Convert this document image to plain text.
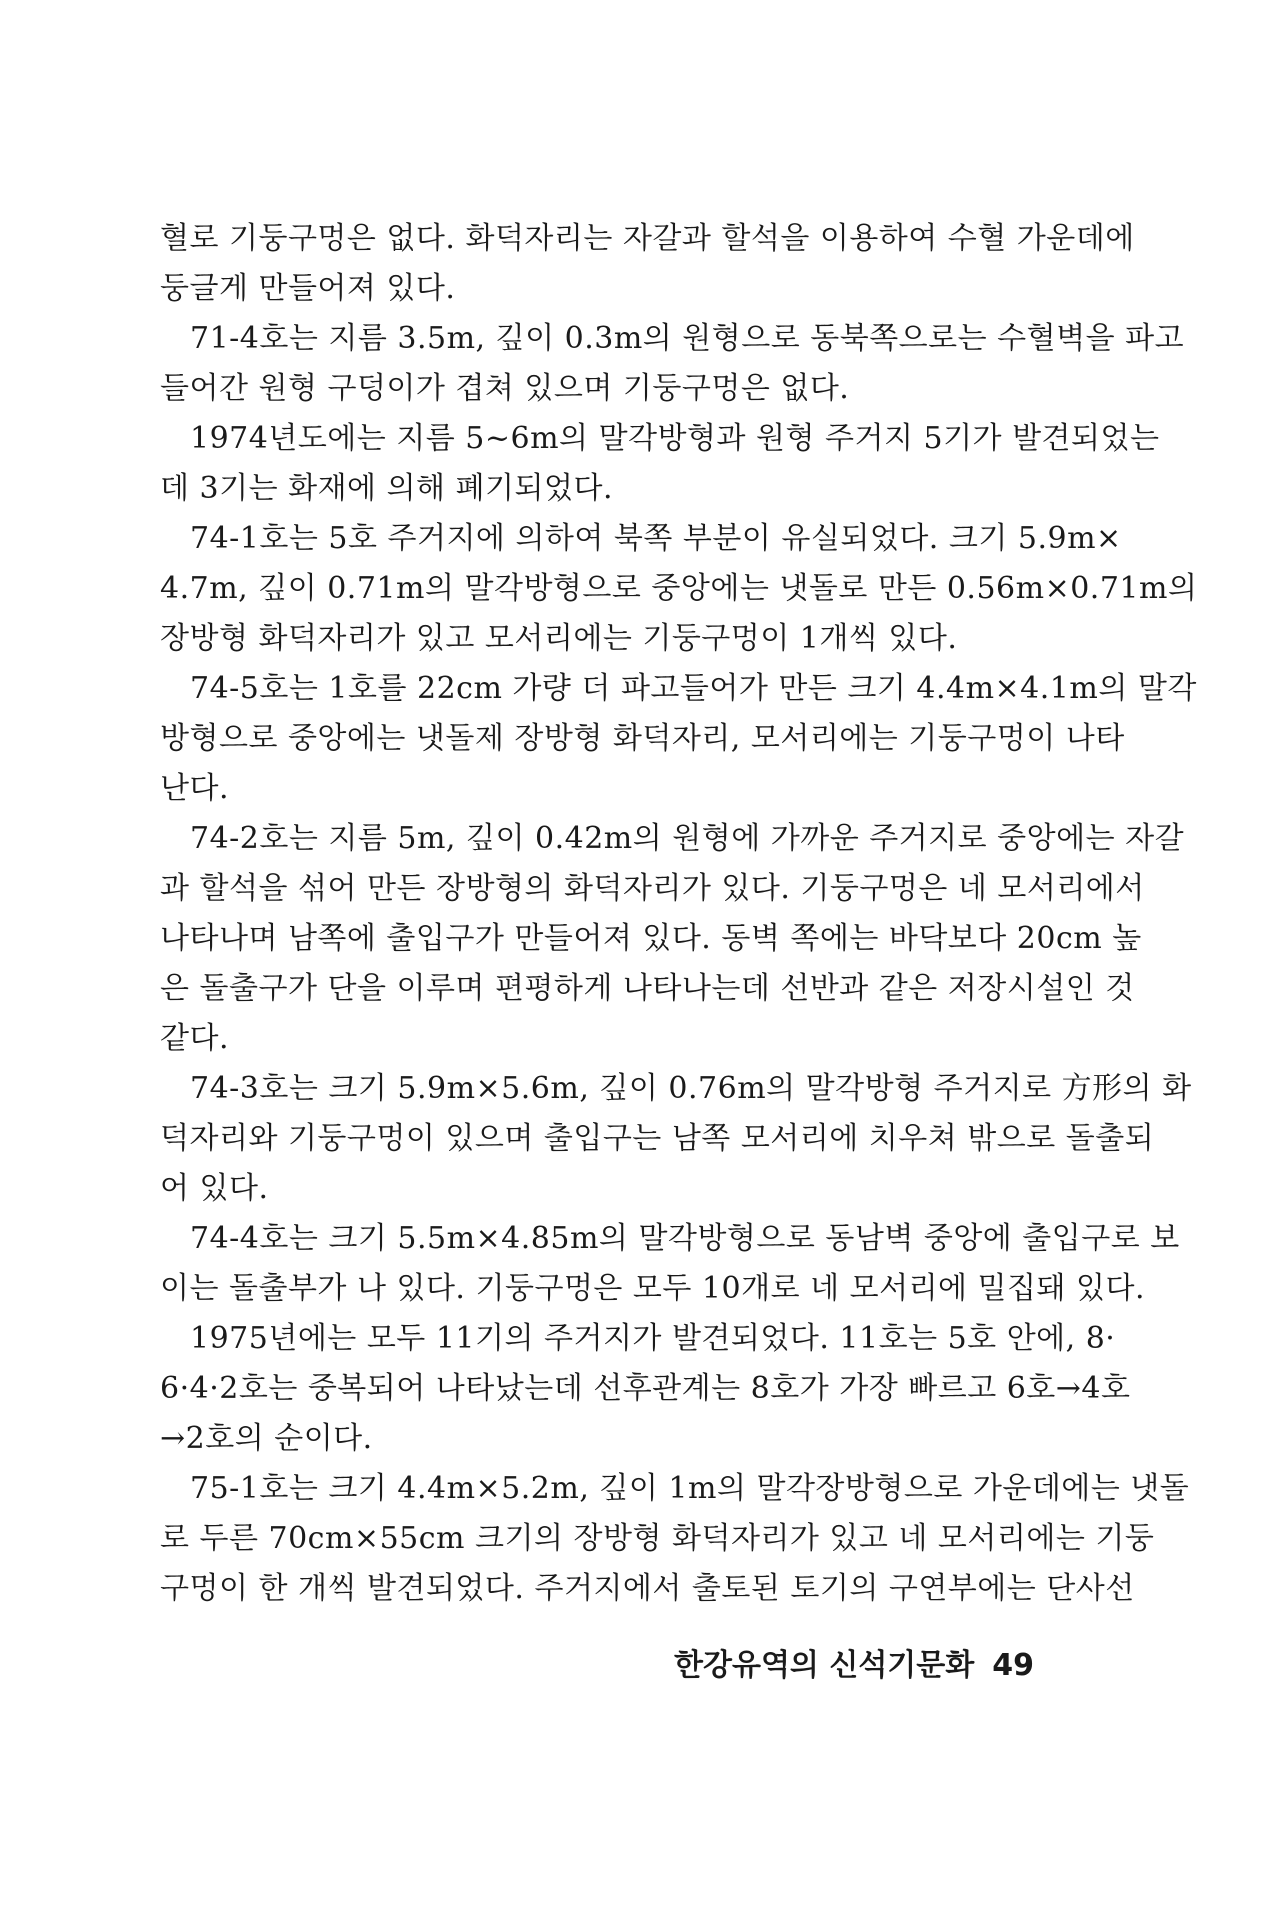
혈로 기둥구멍은 없다. 화덕자리는 자갈과 할석을 이용하여 수혈 가운데에
둥글게 만들어져 있다.
71-4호는 지름 3.5m, 깊이 0.3m의 원형으로 동북쪽으로는 수혈벽을 파고
들어간 원형 구덩이가 겹쳐 있으며 기둥구멍은 없다.
1974년도에는 지름 5~6m의 말각방형과 원형 주거지 5기가 발견되었는
데 3기는 화재에 의해 폐기되었다.
74-1호는 5호 주거지에 의하여 북쪽 부분이 유실되었다. 크기 5.9m×
4.7m, 깊이 0.71m의 말각방형으로 중앙에는 냇돌로 만든 0.56m×0.71m의
장방형 화덕자리가 있고 모서리에는 기둥구멍이 1개씩 있다.
74-5호는 1호를 22cm 가량 더 파고들어가 만든 크기 4.4m×4.1m의 말각
방형으로 중앙에는 냇돌제 장방형 화덕자리, 모서리에는 기둥구멍이 나타
난다.
74-2호는 지름 5m, 깊이 0.42m의 원형에 가까운 주거지로 중앙에는 자갈
과 할석을 섞어 만든 장방형의 화덕자리가 있다. 기둥구멍은 네 모서리에서
나타나며 남쪽에 출입구가 만들어져 있다. 동벽 쪽에는 바닥보다 20cm 높
은 돌출구가 단을 이루며 편평하게 나타나는데 선반과 같은 저장시설인 것
같다.
74-3호는 크기 5.9m×5.6m, 깊이 0.76m의 말각방형 주거지로 方形의 화
덕자리와 기둥구멍이 있으며 출입구는 남쪽 모서리에 치우쳐 밖으로 돌출되
어 있다.
74-4호는 크기 5.5m×4.85m의 말각방형으로 동남벽 중앙에 출입구로 보
이는 돌출부가 나 있다. 기둥구멍은 모두 10개로 네 모서리에 밀집돼 있다.
1975년에는 모두 11기의 주거지가 발견되었다. 11호는 5호 안에, 8·
6·4·2호는 중복되어 나타났는데 선후관계는 8호가 가장 빠르고 6호→4호
→2호의 순이다.
75-1호는 크기 4.4m×5.2m, 깊이 1m의 말각장방형으로 가운데에는 냇돌
로 두른 70cm×55cm 크기의 장방형 화덕자리가 있고 네 모서리에는 기둥
구멍이 한 개씩 발견되었다. 주거지에서 출토된 토기의 구연부에는 단사선
한강유역의 신석기문화 49
